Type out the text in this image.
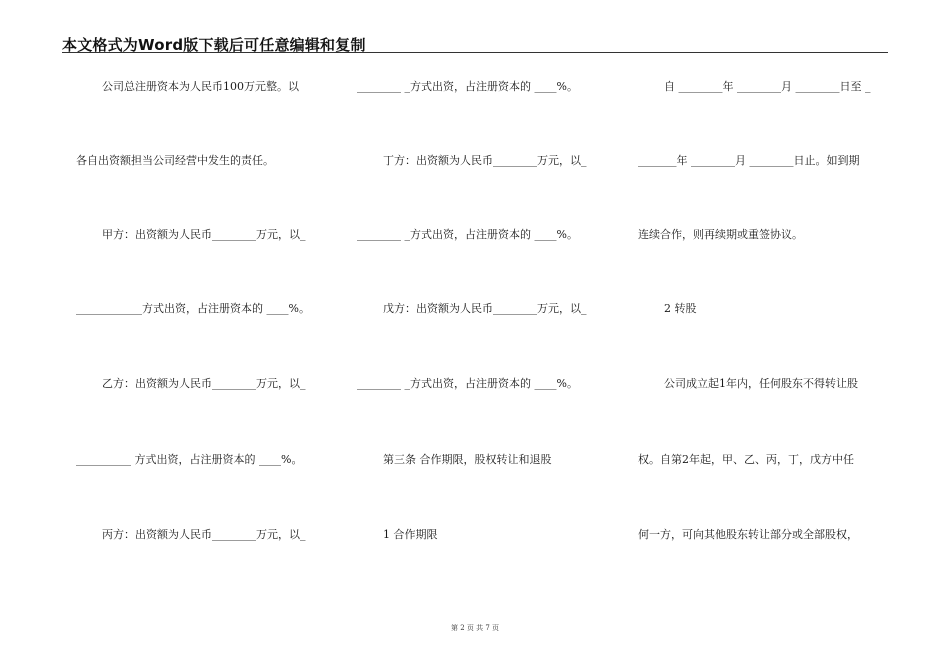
本文格式为Word版下载后可任意编辑和复制
公司总注册资本为人民币100万元整。以
各自出资额担当公司经营中发生的责任。
甲方：出资额为人民币________万元，以_
____________方式出资，占注册资本的 ____%。
乙方：出资额为人民币________万元，以_
__________ 方式出资，占注册资本的 ____%。
丙方：出资额为人民币________万元，以_
________ _方式出资，占注册资本的 ____%。
丁方：出资额为人民币________万元，以_
________ _方式出资，占注册资本的 ____%。
戊方：出资额为人民币________万元，以_
________ _方式出资，占注册资本的 ____%。
第三条 合作期限，股权转让和退股
1 合作期限
自 ________年 ________月 ________日至 _
_______年 ________月 ________日止。如到期
连续合作，则再续期或重签协议。
2 转股
公司成立起1年内，任何股东不得转让股
权。自第2年起，甲、乙、丙，丁，戊方中任
何一方，可向其他股东转让部分或全部股权，
第 2 页 共 7 页
